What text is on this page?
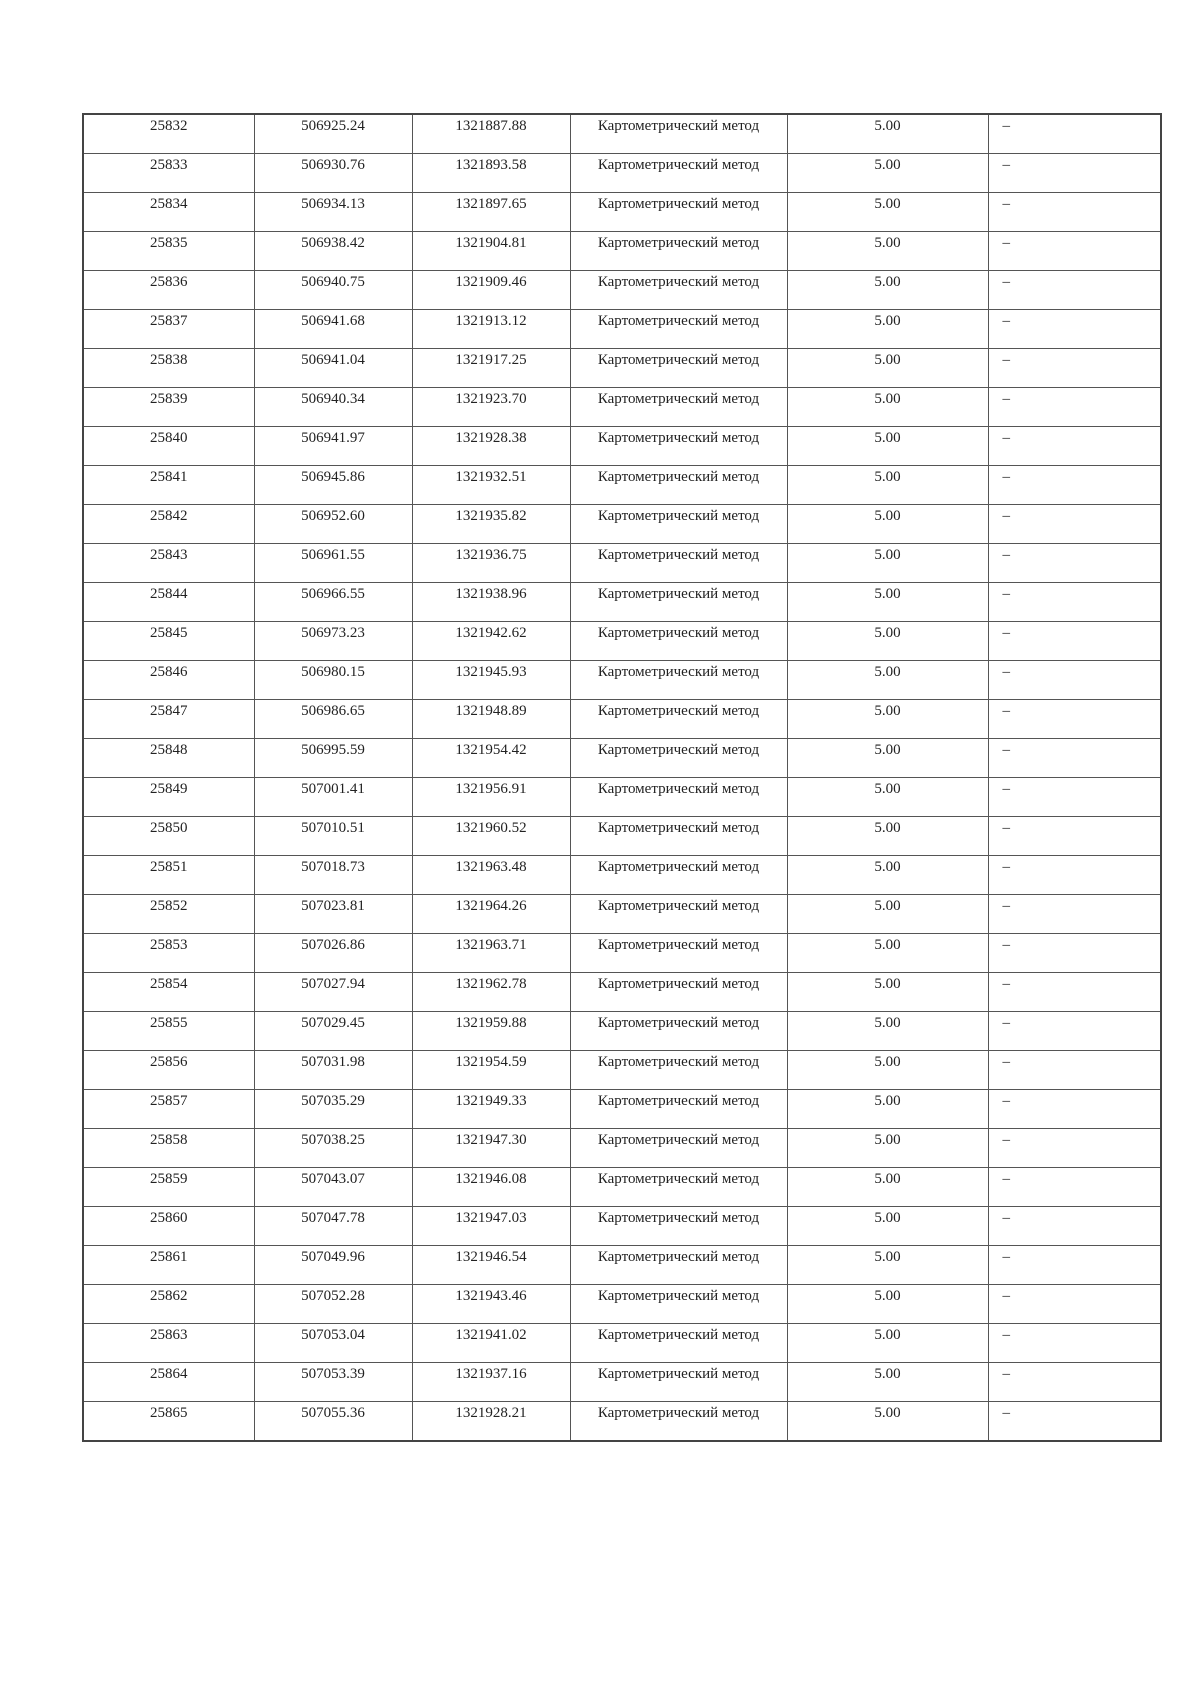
25832	506925.24	1321887.88	Картометрический метод	5.00	–

25833	506930.76	1321893.58	Картометрический метод	5.00	–

25834	506934.13	1321897.65	Картометрический метод	5.00	–

25835	506938.42	1321904.81	Картометрический метод	5.00	–

25836	506940.75	1321909.46	Картометрический метод	5.00	–

25837	506941.68	1321913.12	Картометрический метод	5.00	–

25838	506941.04	1321917.25	Картометрический метод	5.00	–

25839	506940.34	1321923.70	Картометрический метод	5.00	–

25840	506941.97	1321928.38	Картометрический метод	5.00	–

25841	506945.86	1321932.51	Картометрический метод	5.00	–

25842	506952.60	1321935.82	Картометрический метод	5.00	–

25843	506961.55	1321936.75	Картометрический метод	5.00	–

25844	506966.55	1321938.96	Картометрический метод	5.00	–

25845	506973.23	1321942.62	Картометрический метод	5.00	–

25846	506980.15	1321945.93	Картометрический метод	5.00	–

25847	506986.65	1321948.89	Картометрический метод	5.00	–

25848	506995.59	1321954.42	Картометрический метод	5.00	–

25849	507001.41	1321956.91	Картометрический метод	5.00	–

25850	507010.51	1321960.52	Картометрический метод	5.00	–

25851	507018.73	1321963.48	Картометрический метод	5.00	–

25852	507023.81	1321964.26	Картометрический метод	5.00	–

25853	507026.86	1321963.71	Картометрический метод	5.00	–

25854	507027.94	1321962.78	Картометрический метод	5.00	–

25855	507029.45	1321959.88	Картометрический метод	5.00	–

25856	507031.98	1321954.59	Картометрический метод	5.00	–

25857	507035.29	1321949.33	Картометрический метод	5.00	–

25858	507038.25	1321947.30	Картометрический метод	5.00	–

25859	507043.07	1321946.08	Картометрический метод	5.00	–

25860	507047.78	1321947.03	Картометрический метод	5.00	–

25861	507049.96	1321946.54	Картометрический метод	5.00	–

25862	507052.28	1321943.46	Картометрический метод	5.00	–

25863	507053.04	1321941.02	Картометрический метод	5.00	–

25864	507053.39	1321937.16	Картометрический метод	5.00	–

25865	507055.36	1321928.21	Картометрический метод	5.00	–
